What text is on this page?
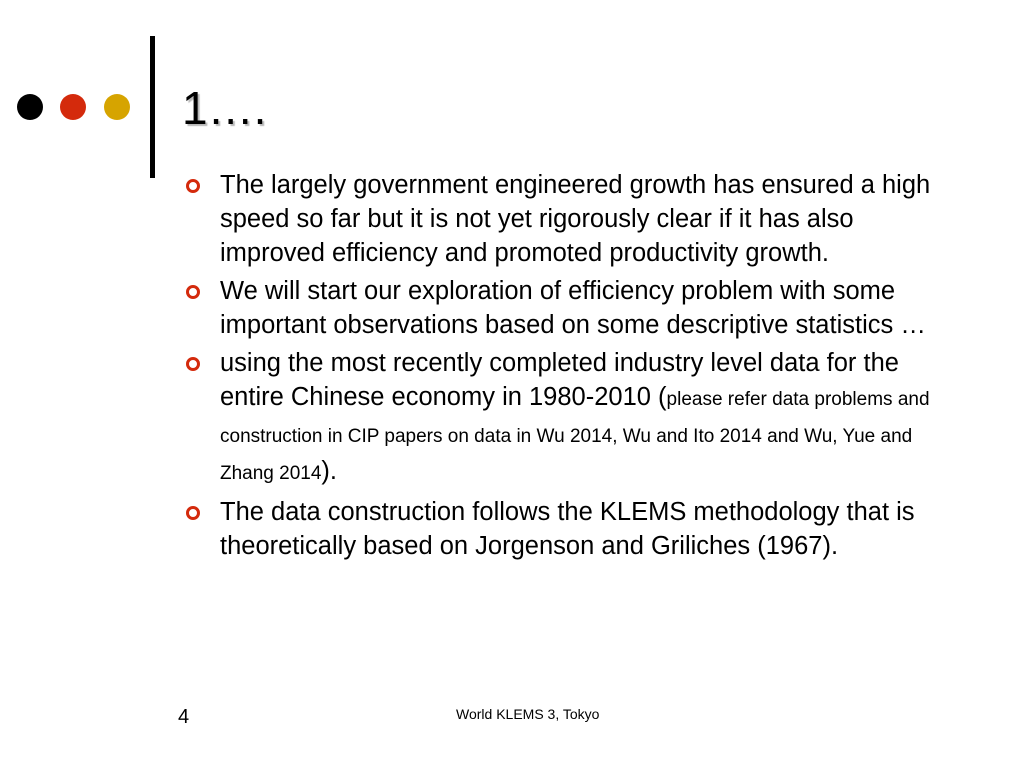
1….
The largely government engineered growth has ensured a high speed so far but it is not yet rigorously clear if it has also improved efficiency and promoted productivity growth.
We will start our exploration of efficiency problem with some important observations based on some descriptive statistics …
using the most recently completed industry level data for the entire Chinese economy in 1980-2010 (please refer data problems and construction in CIP papers on data in Wu 2014, Wu and Ito 2014 and Wu, Yue and Zhang 2014).
The data construction follows the KLEMS methodology that is theoretically based on Jorgenson and Griliches (1967).
4	World KLEMS 3, Tokyo
